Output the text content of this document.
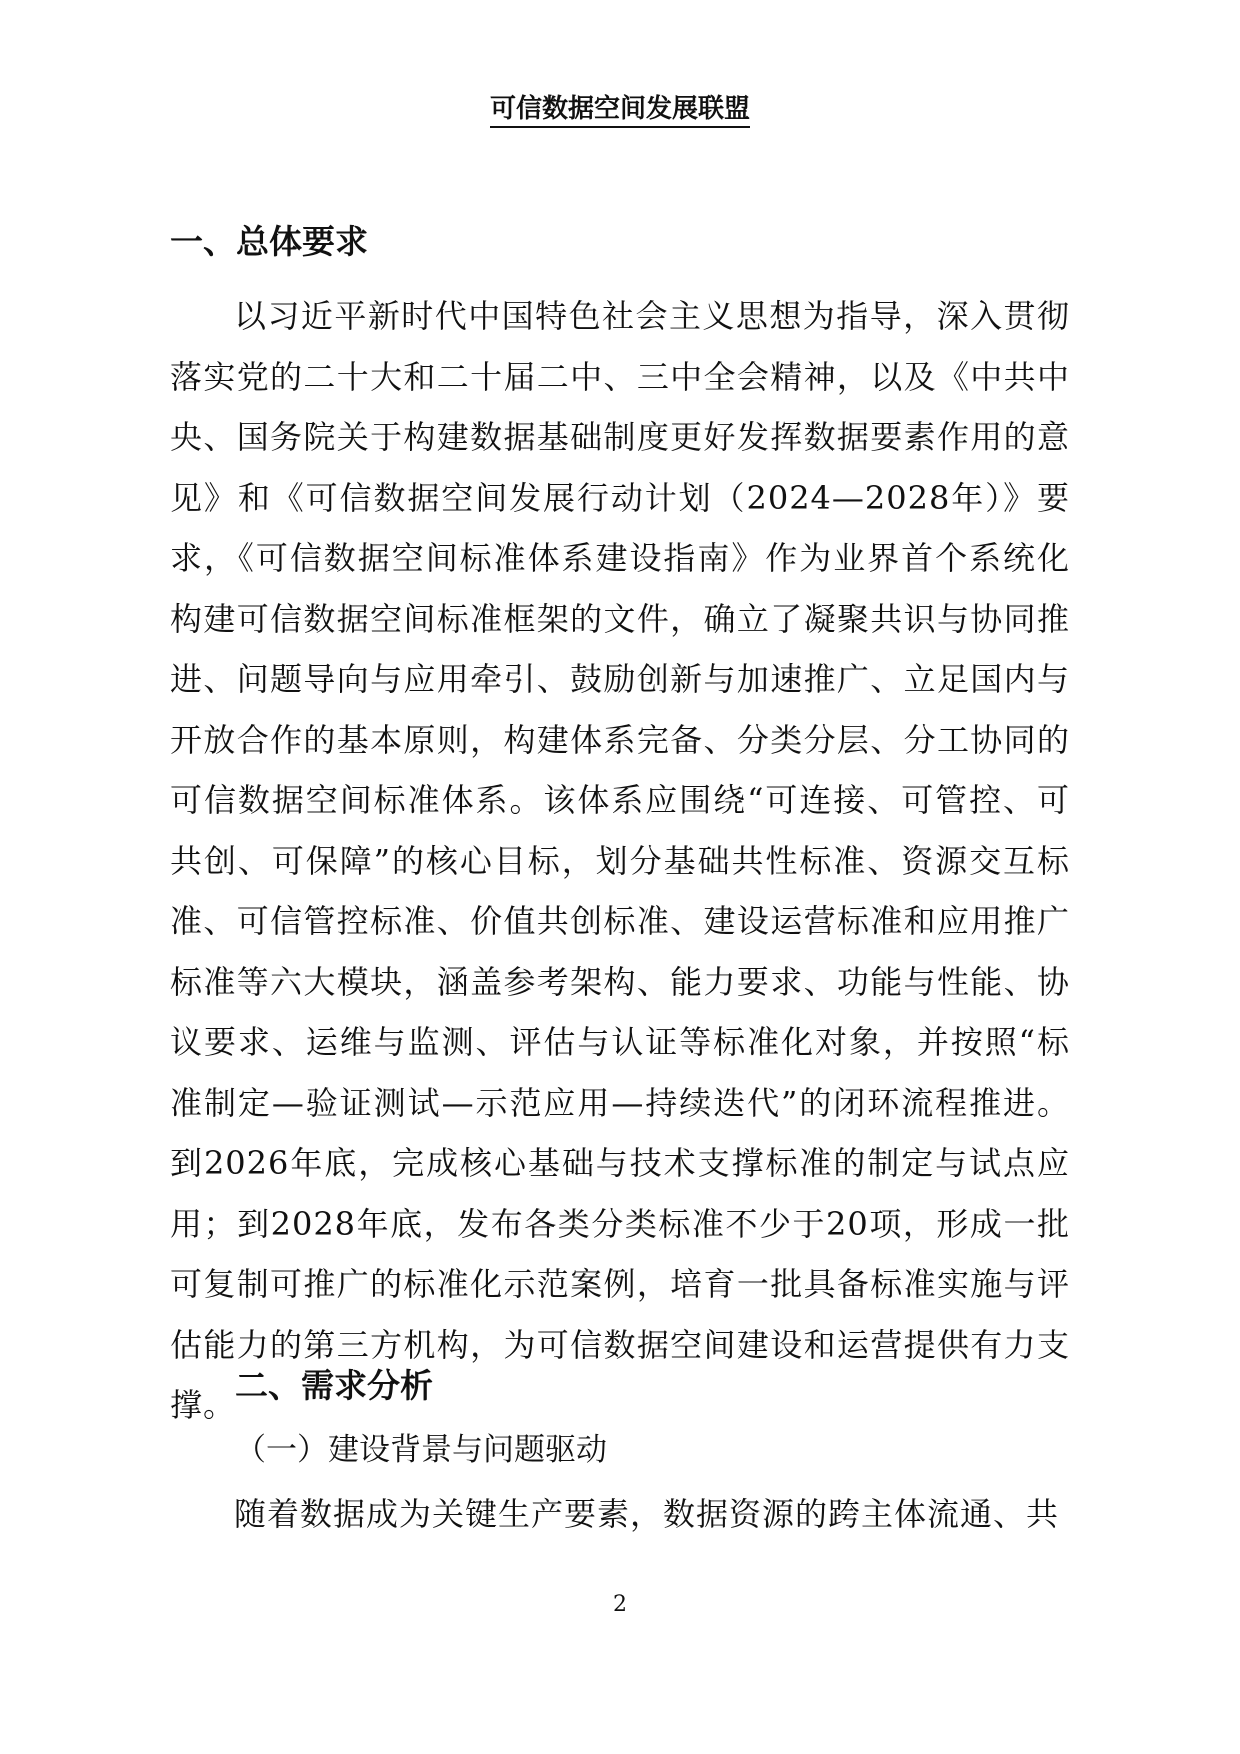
可信数据空间发展联盟
一、总体要求

以习近平新时代中国特色社会主义思想为指导，深入贯彻落实党的二十大和二十届二中、三中全会精神，以及《中共中央、国务院关于构建数据基础制度更好发挥数据要素作用的意见》和《可信数据空间发展行动计划（2024—2028年）》要求，《可信数据空间标准体系建设指南》作为业界首个系统化构建可信数据空间标准框架的文件，确立了凝聚共识与协同推进、问题导向与应用牵引、鼓励创新与加速推广、立足国内与开放合作的基本原则，构建体系完备、分类分层、分工协同的可信数据空间标准体系。该体系应围绕“可连接、可管控、可共创、可保障”的核心目标，划分基础共性标准、资源交互标准、可信管控标准、价值共创标准、建设运营标准和应用推广标准等六大模块，涵盖参考架构、能力要求、功能与性能、协议要求、运维与监测、评估与认证等标准化对象，并按照“标准制定—验证测试—示范应用—持续迭代”的闭环流程推进。到2026年底，完成核心基础与技术支撑标准的制定与试点应用；到2028年底，发布各类分类标准不少于20项，形成一批可复制可推广的标准化示范案例，培育一批具备标准实施与评估能力的第三方机构，为可信数据空间建设和运营提供有力支撑。

二、需求分析
（一）建设背景与问题驱动

随着数据成为关键生产要素，数据资源的跨主体流通、共

2
